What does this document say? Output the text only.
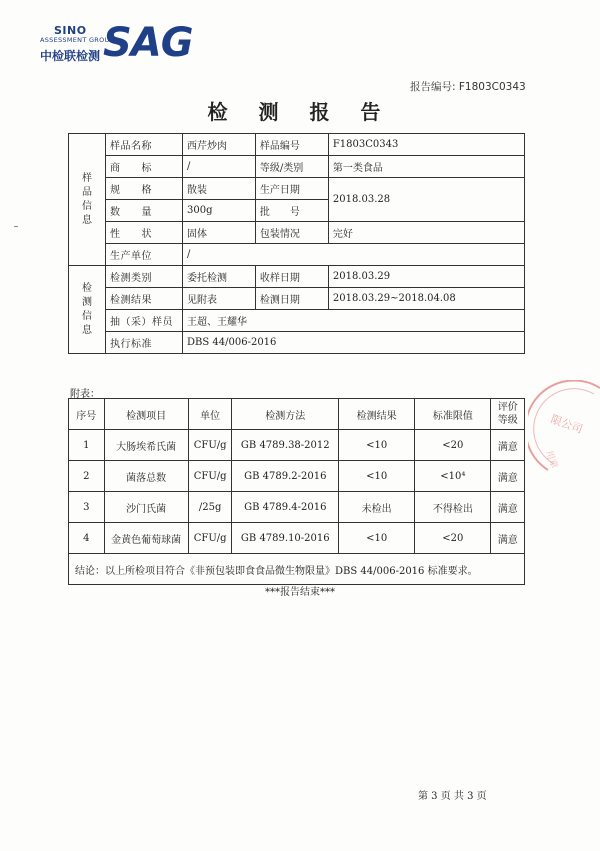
SINO
ASSESSMENT GROUP
中检联检测 SAG
报告编号: F1803C0343
检 测 报 告
样品信息	样品名称	西芹炒肉	样品编号	F1803C0343
	商　　标	/	等级/类别	第一类食品
	规　　格	散装	生产日期	2018.03.28
	数　　量	300g	批　　号	
	性　　状	固体	包装情况	完好
	生产单位	/		
检测信息	检测类别	委托检测	收样日期	2018.03.29
	检测结果	见附表	检测日期	2018.03.29~2018.04.08
	抽（采）样员	王超、王耀华		
	执行标准	DBS 44/006-2016		
附表：
序号	检测项目	单位	检测方法	检测结果	标准限值	评价等级
1	大肠埃希氏菌	CFU/g	GB 4789.38-2012	<10	<20	满意
2	菌落总数	CFU/g	GB 4789.2-2016	<10	<10⁴	满意
3	沙门氏菌	/25g	GB 4789.4-2016	未检出	不得检出	满意
4	金黄色葡萄球菌	CFU/g	GB 4789.10-2016	<10	<20	满意
结论：以上所检项目符合《非预包装即食食品微生物限量》DBS 44/006-2016 标准要求。						
***报告结束***
第 3 页 共 3 页
限公司
用章
